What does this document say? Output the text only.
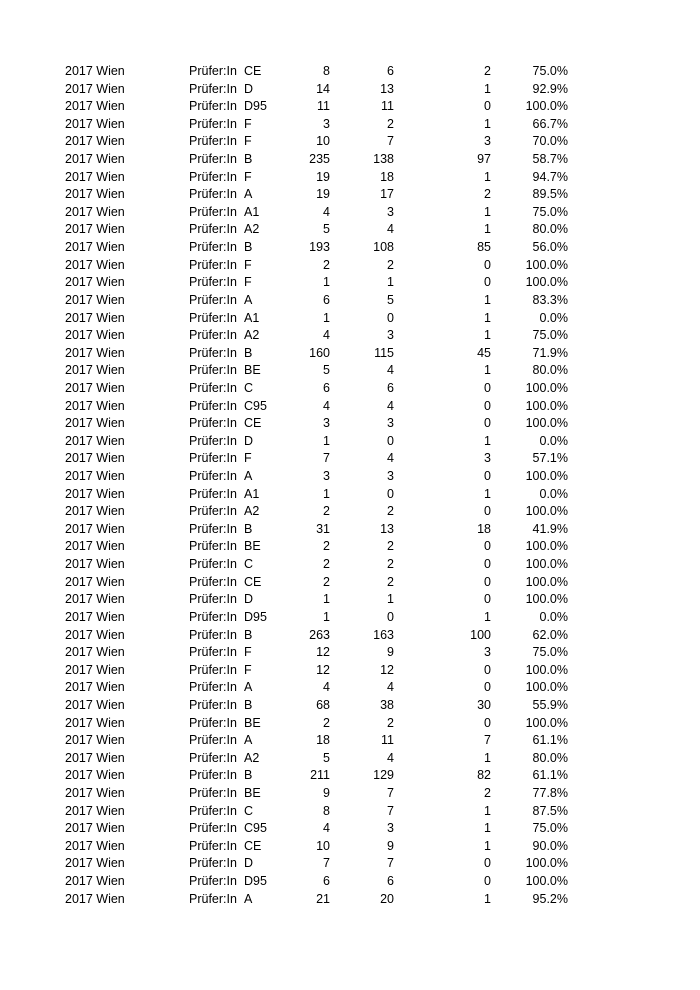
2017 Wien	Prüfer:In CE	8	6	2	75.0%
2017 Wien	Prüfer:In D	14	13	1	92.9%
2017 Wien	Prüfer:In D95	11	11	0	100.0%
2017 Wien	Prüfer:In F	3	2	1	66.7%
2017 Wien	Prüfer:In F	10	7	3	70.0%
2017 Wien	Prüfer:In B	235	138	97	58.7%
2017 Wien	Prüfer:In F	19	18	1	94.7%
2017 Wien	Prüfer:In A	19	17	2	89.5%
2017 Wien	Prüfer:In A1	4	3	1	75.0%
2017 Wien	Prüfer:In A2	5	4	1	80.0%
2017 Wien	Prüfer:In B	193	108	85	56.0%
2017 Wien	Prüfer:In F	2	2	0	100.0%
2017 Wien	Prüfer:In F	1	1	0	100.0%
2017 Wien	Prüfer:In A	6	5	1	83.3%
2017 Wien	Prüfer:In A1	1	0	1	0.0%
2017 Wien	Prüfer:In A2	4	3	1	75.0%
2017 Wien	Prüfer:In B	160	115	45	71.9%
2017 Wien	Prüfer:In BE	5	4	1	80.0%
2017 Wien	Prüfer:In C	6	6	0	100.0%
2017 Wien	Prüfer:In C95	4	4	0	100.0%
2017 Wien	Prüfer:In CE	3	3	0	100.0%
2017 Wien	Prüfer:In D	1	0	1	0.0%
2017 Wien	Prüfer:In F	7	4	3	57.1%
2017 Wien	Prüfer:In A	3	3	0	100.0%
2017 Wien	Prüfer:In A1	1	0	1	0.0%
2017 Wien	Prüfer:In A2	2	2	0	100.0%
2017 Wien	Prüfer:In B	31	13	18	41.9%
2017 Wien	Prüfer:In BE	2	2	0	100.0%
2017 Wien	Prüfer:In C	2	2	0	100.0%
2017 Wien	Prüfer:In CE	2	2	0	100.0%
2017 Wien	Prüfer:In D	1	1	0	100.0%
2017 Wien	Prüfer:In D95	1	0	1	0.0%
2017 Wien	Prüfer:In B	263	163	100	62.0%
2017 Wien	Prüfer:In F	12	9	3	75.0%
2017 Wien	Prüfer:In F	12	12	0	100.0%
2017 Wien	Prüfer:In A	4	4	0	100.0%
2017 Wien	Prüfer:In B	68	38	30	55.9%
2017 Wien	Prüfer:In BE	2	2	0	100.0%
2017 Wien	Prüfer:In A	18	11	7	61.1%
2017 Wien	Prüfer:In A2	5	4	1	80.0%
2017 Wien	Prüfer:In B	211	129	82	61.1%
2017 Wien	Prüfer:In BE	9	7	2	77.8%
2017 Wien	Prüfer:In C	8	7	1	87.5%
2017 Wien	Prüfer:In C95	4	3	1	75.0%
2017 Wien	Prüfer:In CE	10	9	1	90.0%
2017 Wien	Prüfer:In D	7	7	0	100.0%
2017 Wien	Prüfer:In D95	6	6	0	100.0%
2017 Wien	Prüfer:In A	21	20	1	95.2%
